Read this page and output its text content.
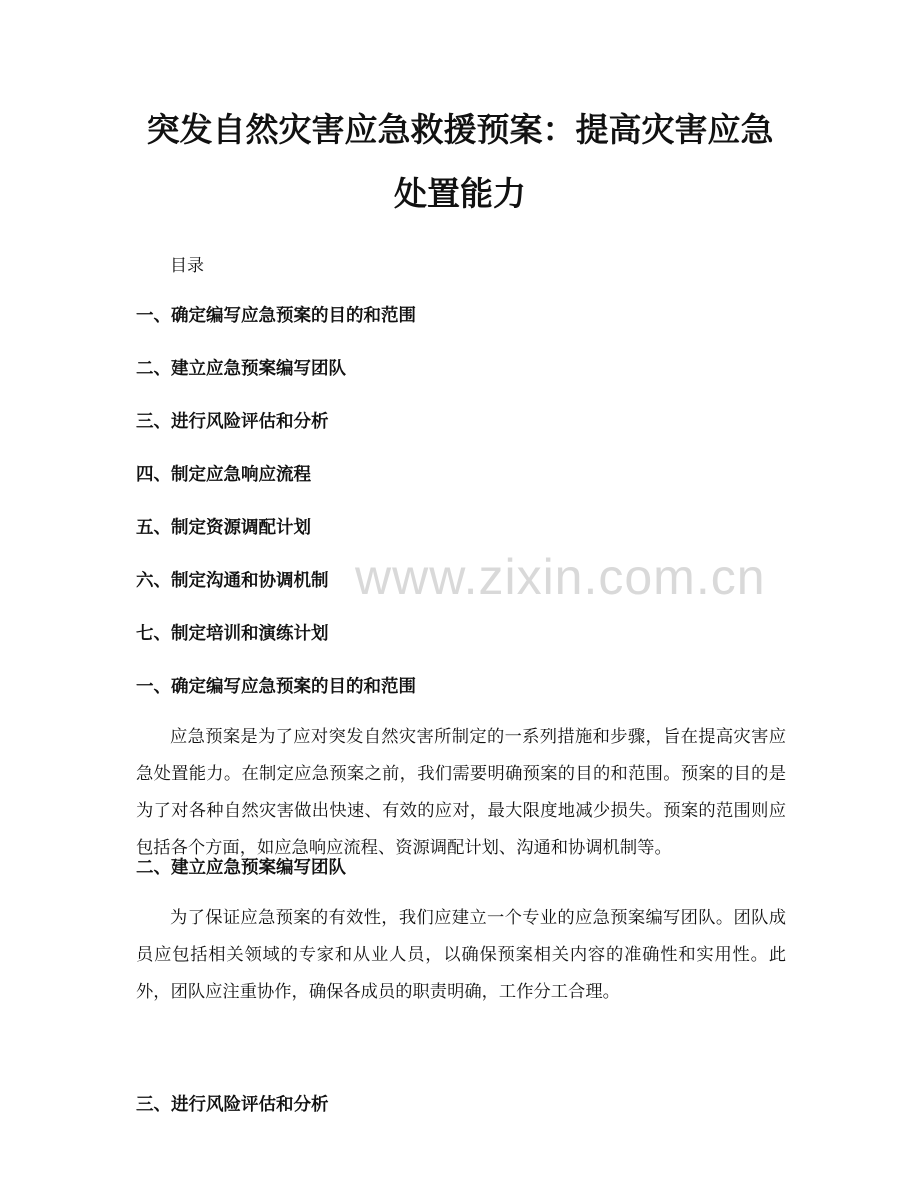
突发自然灾害应急救援预案：提高灾害应急
处置能力
目录
一、确定编写应急预案的目的和范围
二、建立应急预案编写团队
三、进行风险评估和分析
四、制定应急响应流程
五、制定资源调配计划
六、制定沟通和协调机制
七、制定培训和演练计划
www.zixin.com.cn
一、确定编写应急预案的目的和范围

应急预案是为了应对突发自然灾害所制定的一系列措施和步骤，旨在提高灾害应急处置能力。在制定应急预案之前，我们需要明确预案的目的和范围。预案的目的是为了对各种自然灾害做出快速、有效的应对，最大限度地减少损失。预案的范围则应包括各个方面，如应急响应流程、资源调配计划、沟通和协调机制等。

二、建立应急预案编写团队

为了保证应急预案的有效性，我们应建立一个专业的应急预案编写团队。团队成员应包括相关领域的专家和从业人员，以确保预案相关内容的准确性和实用性。此外，团队应注重协作，确保各成员的职责明确，工作分工合理。

三、进行风险评估和分析
